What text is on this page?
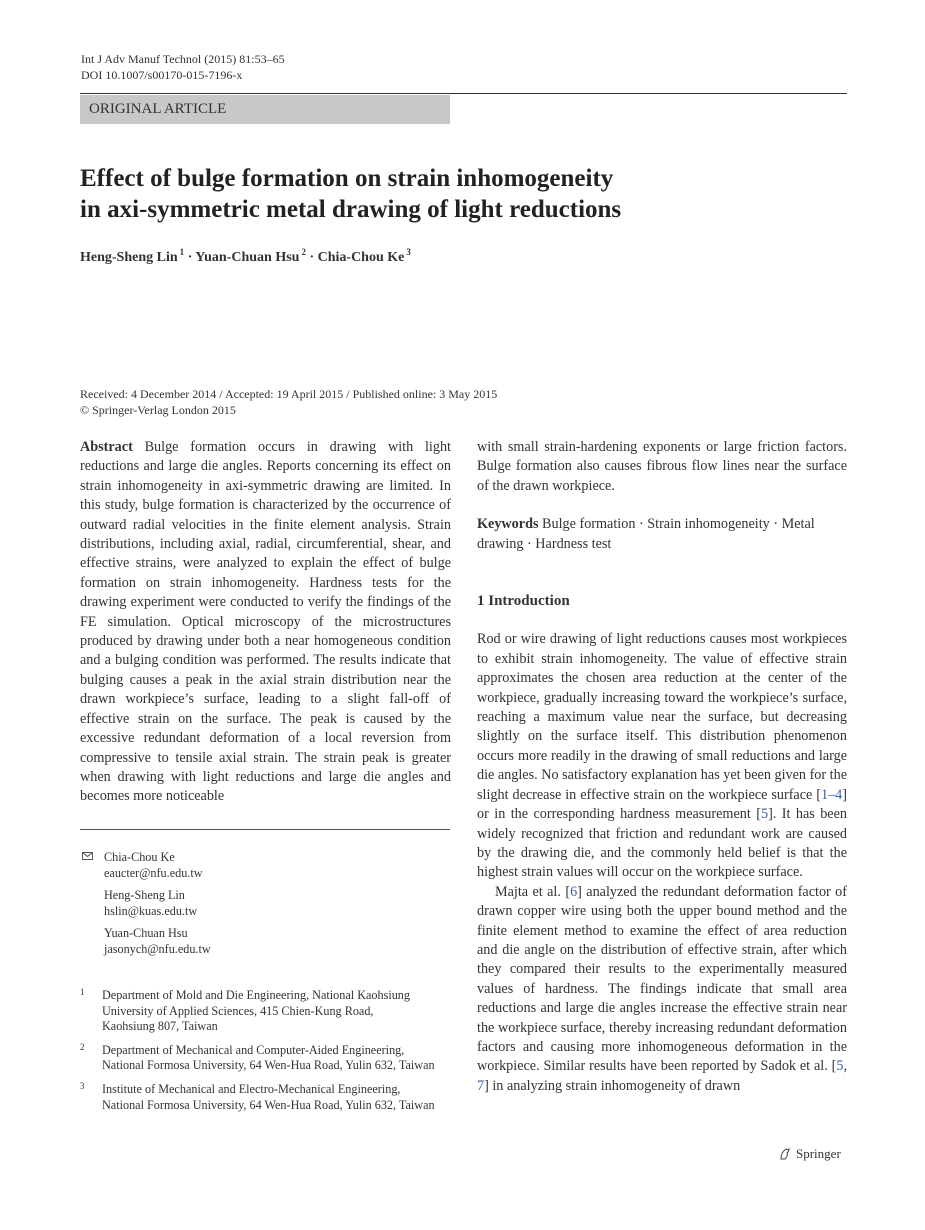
Int J Adv Manuf Technol (2015) 81:53–65
DOI 10.1007/s00170-015-7196-x
ORIGINAL ARTICLE
Effect of bulge formation on strain inhomogeneity
in axi-symmetric metal drawing of light reductions
Heng-Sheng Lin $^1$ · Yuan-Chuan Hsu $^2$ · Chia-Chou Ke $^3$
Received: 4 December 2014 / Accepted: 19 April 2015 / Published online: 3 May 2015
© Springer-Verlag London 2015

Abstract Bulge formation occurs in drawing with light reductions and large die angles. Reports concerning its effect on strain inhomogeneity in axi-symmetric drawing are limited. In this study, bulge formation is characterized by the occurrence of outward radial velocities in the finite element analysis. Strain distributions, including axial, radial, circumferential, shear, and effective strains, were analyzed to explain the effect of bulge formation on strain inhomogeneity. Hardness tests for the drawing experiment were conducted to verify the findings of the FE simulation. Optical microscopy of the microstructures produced by drawing under both a near homogeneous condition and a bulging condition was performed. The results indicate that bulging causes a peak in the axial strain distribution near the drawn workpiece’s surface, leading to a slight fall-off of effective strain on the surface. The peak is caused by the excessive redundant deformation of a local reversion from compressive to tensile axial strain. The strain peak is greater when drawing with light reductions and large die angles and becomes more noticeable

with small strain-hardening exponents or large friction factors. Bulge formation also causes fibrous flow lines near the surface of the drawn workpiece.

Keywords Bulge formation · Strain inhomogeneity · Metal drawing · Hardness test

1 Introduction

Rod or wire drawing of light reductions causes most workpieces to exhibit strain inhomogeneity. The value of effective strain approximates the chosen area reduction at the center of the workpiece, gradually increasing toward the workpiece’s surface, reaching a maximum value near the surface, but decreasing slightly on the surface itself. This distribution phenomenon occurs more readily in the drawing of small reductions and large die angles. No satisfactory explanation has yet been given for the slight decrease in effective strain on the workpiece surface [1–4] or in the corresponding hardness measurement [5]. It has been widely recognized that friction and redundant work are caused by the drawing die, and the commonly held belief is that the highest strain values will occur on the workpiece surface.

Majta et al. [6] analyzed the redundant deformation factor of drawn copper wire using both the upper bound method and the finite element method to examine the effect of area reduction and die angle on the distribution of effective strain, after which they compared their results to the experimentally measured values of hardness. The findings indicate that small area reductions and large die angles increase the effective strain near the workpiece surface, thereby increasing redundant deformation factors and causing more inhomogeneous deformation in the workpiece. Similar results have been reported by Sadok et al. [5, 7] in analyzing strain inhomogeneity of drawn

Chia-Chou Ke
eaucter@nfu.edu.tw
Heng-Sheng Lin
hslin@kuas.edu.tw
Yuan-Chuan Hsu
jasonych@nfu.edu.tw
1 Department of Mold and Die Engineering, National Kaohsiung
University of Applied Sciences, 415 Chien-Kung Road,
Kaohsiung 807, Taiwan
2 Department of Mechanical and Computer-Aided Engineering,
National Formosa University, 64 Wen-Hua Road, Yulin 632, Taiwan
3 Institute of Mechanical and Electro-Mechanical Engineering,
National Formosa University, 64 Wen-Hua Road, Yulin 632, Taiwan
Springer
